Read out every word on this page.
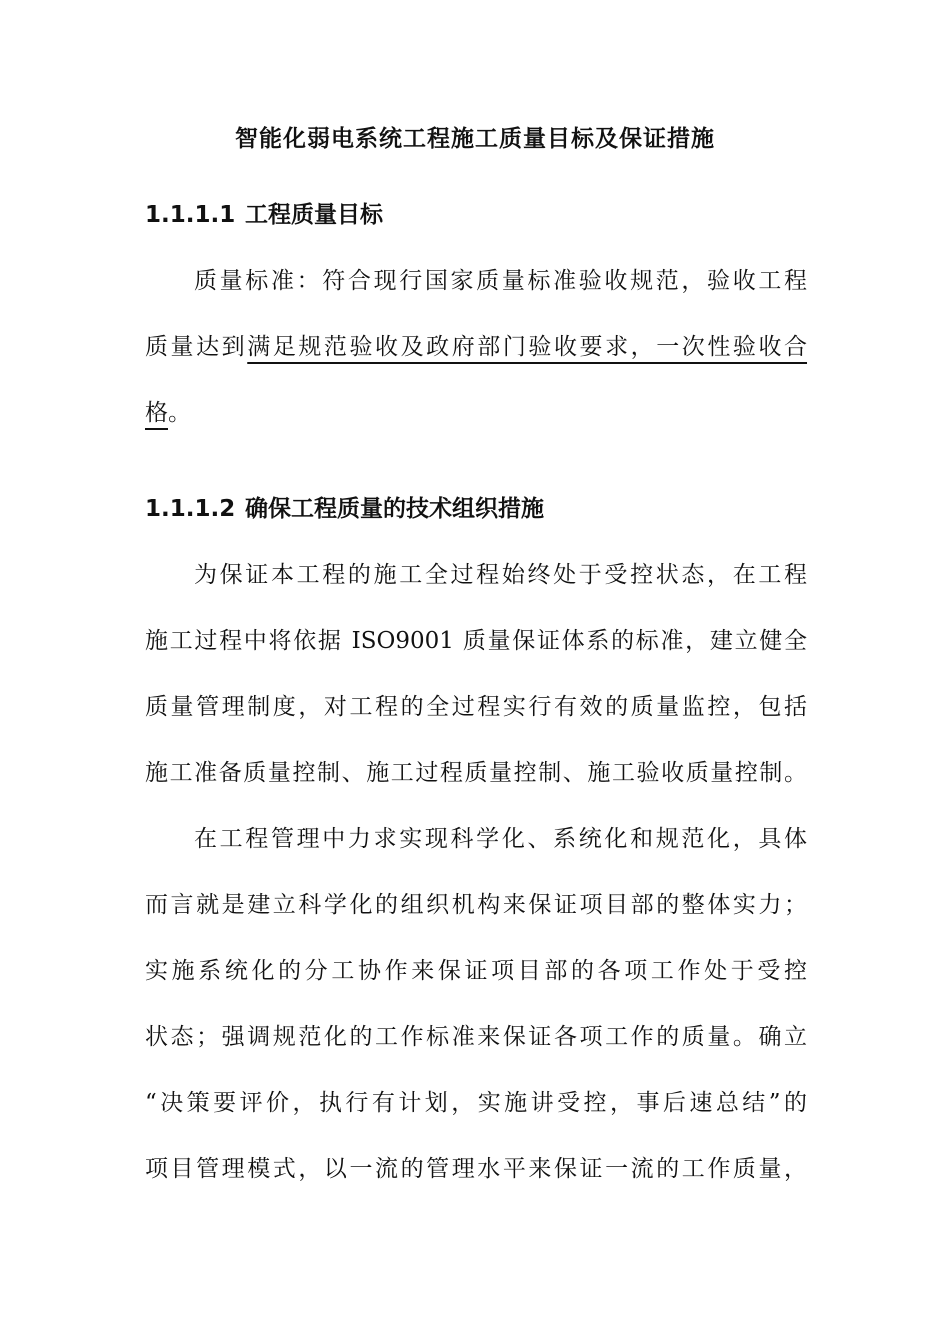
智能化弱电系统工程施工质量目标及保证措施
1.1.1.1 工程质量目标
质量标准：符合现行国家质量标准验收规范，验收工程
质量达到满足规范验收及政府部门验收要求，一次性验收合
格。
1.1.1.2 确保工程质量的技术组织措施
为保证本工程的施工全过程始终处于受控状态，在工程
施工过程中将依据 ISO9001 质量保证体系的标准，建立健全
质量管理制度，对工程的全过程实行有效的质量监控，包括
施工准备质量控制、施工过程质量控制、施工验收质量控制。
在工程管理中力求实现科学化、系统化和规范化，具体
而言就是建立科学化的组织机构来保证项目部的整体实力；
实施系统化的分工协作来保证项目部的各项工作处于受控
状态；强调规范化的工作标准来保证各项工作的质量。确立
“决策要评价，执行有计划，实施讲受控，事后速总结”的
项目管理模式，以一流的管理水平来保证一流的工作质量，
